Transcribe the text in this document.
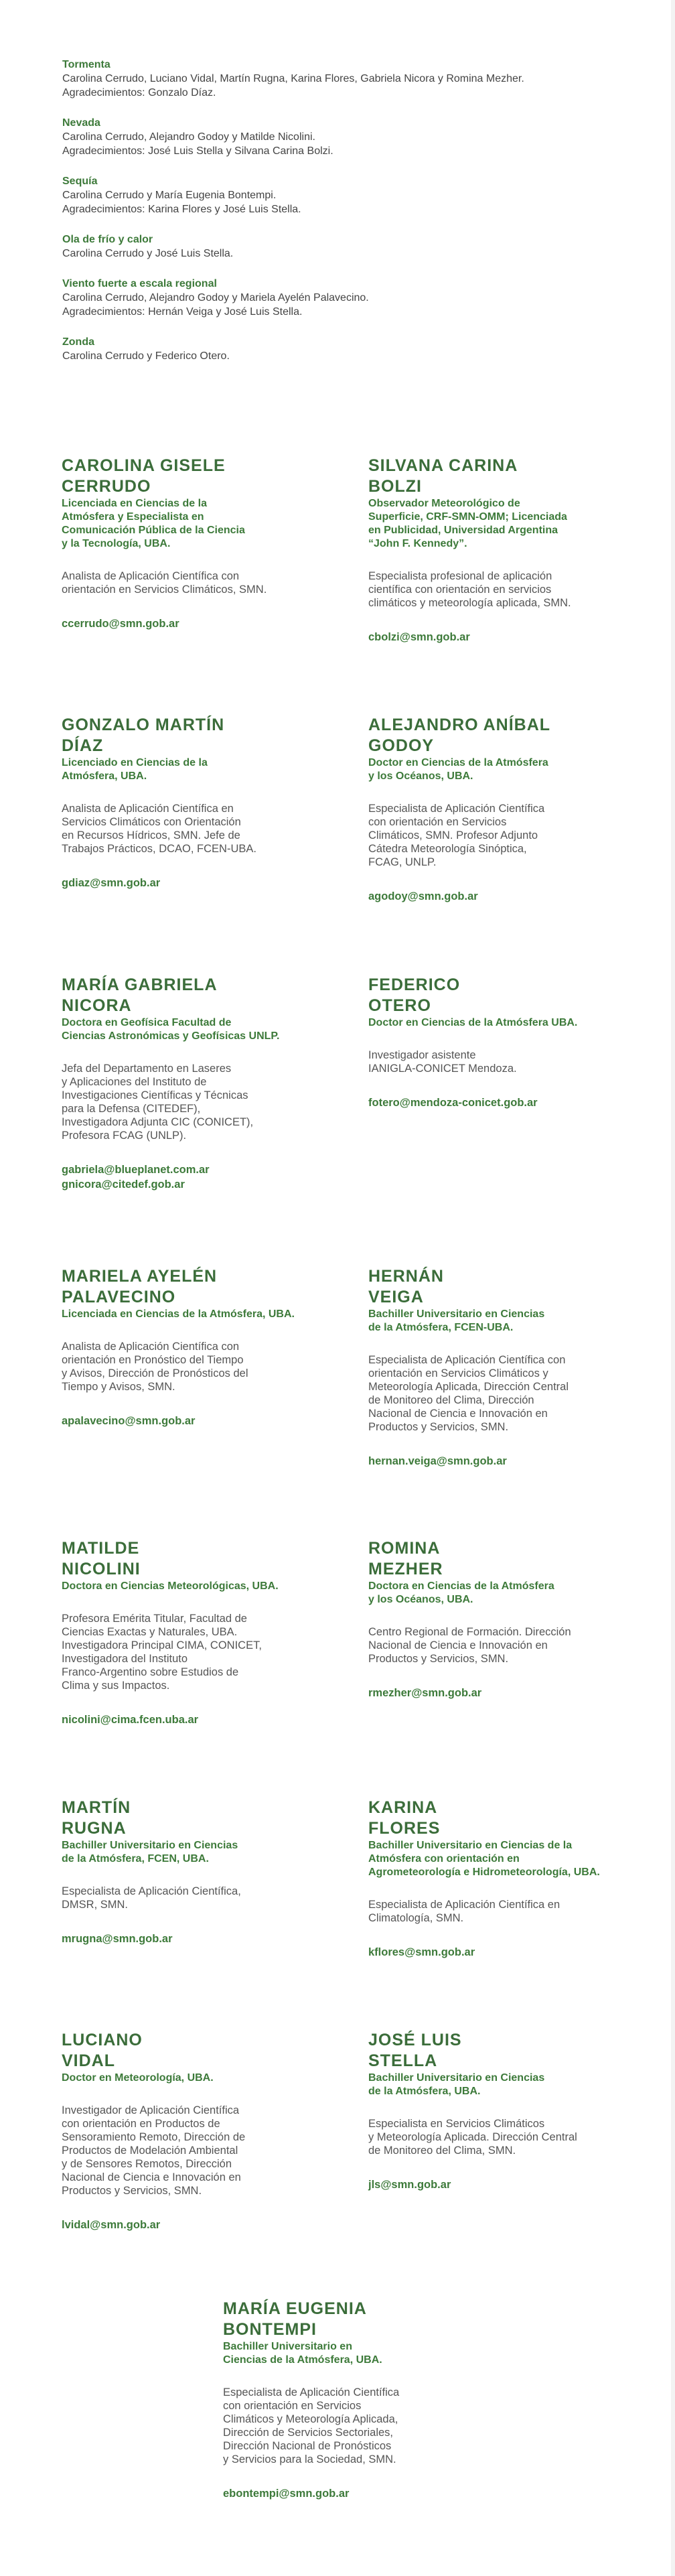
Tormenta
Carolina Cerrudo, Luciano Vidal, Martín Rugna, Karina Flores, Gabriela Nicora y Romina Mezher.
Agradecimientos: Gonzalo Díaz.
Nevada
Carolina Cerrudo, Alejandro Godoy y Matilde Nicolini.
Agradecimientos: José Luis Stella y Silvana Carina Bolzi.
Sequía
Carolina Cerrudo y María Eugenia Bontempi.
Agradecimientos: Karina Flores y José Luis Stella.
Ola de frío y calor
Carolina Cerrudo y José Luis Stella.
Viento fuerte a escala regional
Carolina Cerrudo, Alejandro Godoy y Mariela Ayelén Palavecino.
Agradecimientos: Hernán Veiga y José Luis Stella.
Zonda
Carolina Cerrudo y Federico Otero.
CAROLINA GISELE
CERRUDO

Licenciada en Ciencias de la
Atmósfera y Especialista en
Comunicación Pública de la Ciencia
y la Tecnología, UBA.

Analista de Aplicación Científica con
orientación en Servicios Climáticos, SMN.

ccerrudo@smn.gob.ar
SILVANA CARINA
BOLZI

Observador Meteorológico de
Superficie, CRF-SMN-OMM; Licenciada
en Publicidad, Universidad Argentina
“John F. Kennedy”.

Especialista profesional de aplicación
científica con orientación en servicios
climáticos y meteorología aplicada, SMN.

cbolzi@smn.gob.ar
GONZALO MARTÍN
DÍAZ

Licenciado en Ciencias de la
Atmósfera, UBA.

Analista de Aplicación Científica en
Servicios Climáticos con Orientación
en Recursos Hídricos, SMN. Jefe de
Trabajos Prácticos, DCAO, FCEN-UBA.

gdiaz@smn.gob.ar
ALEJANDRO ANÍBAL
GODOY

Doctor en Ciencias de la Atmósfera
y los Océanos, UBA.

Especialista de Aplicación Científica
con orientación en Servicios
Climáticos, SMN. Profesor Adjunto
Cátedra Meteorología Sinóptica,
FCAG, UNLP.

agodoy@smn.gob.ar
MARÍA GABRIELA
NICORA

Doctora en Geofísica Facultad de
Ciencias Astronómicas y Geofísicas UNLP.

Jefa del Departamento en Laseres
y Aplicaciones del Instituto de
Investigaciones Científicas y Técnicas
para la Defensa (CITEDEF),
Investigadora Adjunta CIC (CONICET),
Profesora FCAG (UNLP).

gabriela@blueplanet.com.ar
gnicora@citedef.gob.ar
FEDERICO
OTERO

Doctor en Ciencias de la Atmósfera UBA.

Investigador asistente
IANIGLA-CONICET Mendoza.

fotero@mendoza-conicet.gob.ar
MARIELA AYELÉN
PALAVECINO

Licenciada en Ciencias de la Atmósfera, UBA.

Analista de Aplicación Científica con
orientación en Pronóstico del Tiempo
y Avisos, Dirección de Pronósticos del
Tiempo y Avisos, SMN.

apalavecino@smn.gob.ar
HERNÁN
VEIGA

Bachiller Universitario en Ciencias
de la Atmósfera, FCEN-UBA.

Especialista de Aplicación Científica con
orientación en Servicios Climáticos y
Meteorología Aplicada, Dirección Central
de Monitoreo del Clima, Dirección
Nacional de Ciencia e Innovación en
Productos y Servicios, SMN.

hernan.veiga@smn.gob.ar
MATILDE
NICOLINI

Doctora en Ciencias Meteorológicas, UBA.

Profesora Emérita Titular, Facultad de
Ciencias Exactas y Naturales, UBA.
Investigadora Principal CIMA, CONICET,
Investigadora del Instituto
Franco-Argentino sobre Estudios de
Clima y sus Impactos.

nicolini@cima.fcen.uba.ar
ROMINA
MEZHER

Doctora en Ciencias de la Atmósfera
y los Océanos, UBA.

Centro Regional de Formación. Dirección
Nacional de Ciencia e Innovación en
Productos y Servicios, SMN.

rmezher@smn.gob.ar
MARTÍN
RUGNA

Bachiller Universitario en Ciencias
de la Atmósfera, FCEN, UBA.

Especialista de Aplicación Científica,
DMSR, SMN.

mrugna@smn.gob.ar
KARINA
FLORES

Bachiller Universitario en Ciencias de la
Atmósfera con orientación en
Agrometeorología e Hidrometeorología, UBA.

Especialista de Aplicación Científica en
Climatología, SMN.

kflores@smn.gob.ar
LUCIANO
VIDAL

Doctor en Meteorología, UBA.

Investigador de Aplicación Científica
con orientación en Productos de
Sensoramiento Remoto, Dirección de
Productos de Modelación Ambiental
y de Sensores Remotos, Dirección
Nacional de Ciencia e Innovación en
Productos y Servicios, SMN.

lvidal@smn.gob.ar
JOSÉ LUIS
STELLA

Bachiller Universitario en Ciencias
de la Atmósfera, UBA.

Especialista en Servicios Climáticos
y Meteorología Aplicada. Dirección Central
de Monitoreo del Clima, SMN.

jls@smn.gob.ar
MARÍA EUGENIA
BONTEMPI

Bachiller Universitario en
Ciencias de la Atmósfera, UBA.

Especialista de Aplicación Científica
con orientación en Servicios
Climáticos y Meteorología Aplicada,
Dirección de Servicios Sectoriales,
Dirección Nacional de Pronósticos
y Servicios para la Sociedad, SMN.

ebontempi@smn.gob.ar
